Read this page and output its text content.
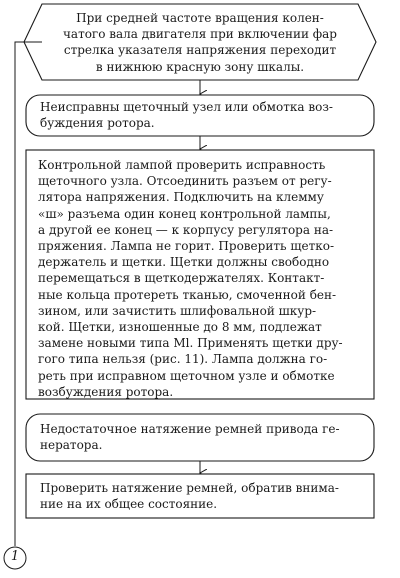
При средней частоте вращения колен-
чатого вала двигателя при включении фар
стрелка указателя напряжения переходит
в нижнюю красную зону шкалы.

Неисправны щеточный узел или обмотка воз-
буждения ротора.

Контрольной лампой проверить исправность
щеточного узла. Отсоединить разъем от регу-
лятора напряжения. Подключить на клемму
«ш» разъема один конец контрольной лампы,
а другой ее конец — к корпусу регулятора на-
пряжения. Лампа не горит. Проверить щетко-
держатель и щетки. Щетки должны свободно
перемещаться в щеткодержателях. Контакт-
ные кольца протереть тканью, смоченной бен-
зином, или зачистить шлифовальной шкур-
кой. Щетки, изношенные до 8 мм, подлежат
замене новыми типа Ml. Применять щетки дру-
гого типа нельзя (рис. 11). Лампа должна го-
реть при исправном щеточном узле и обмотке
возбуждения ротора.

Недостаточное натяжение ремней привода ге-
нератора.

Проверить натяжение ремней, обратив внима-
ние на их общее состояние.

1
